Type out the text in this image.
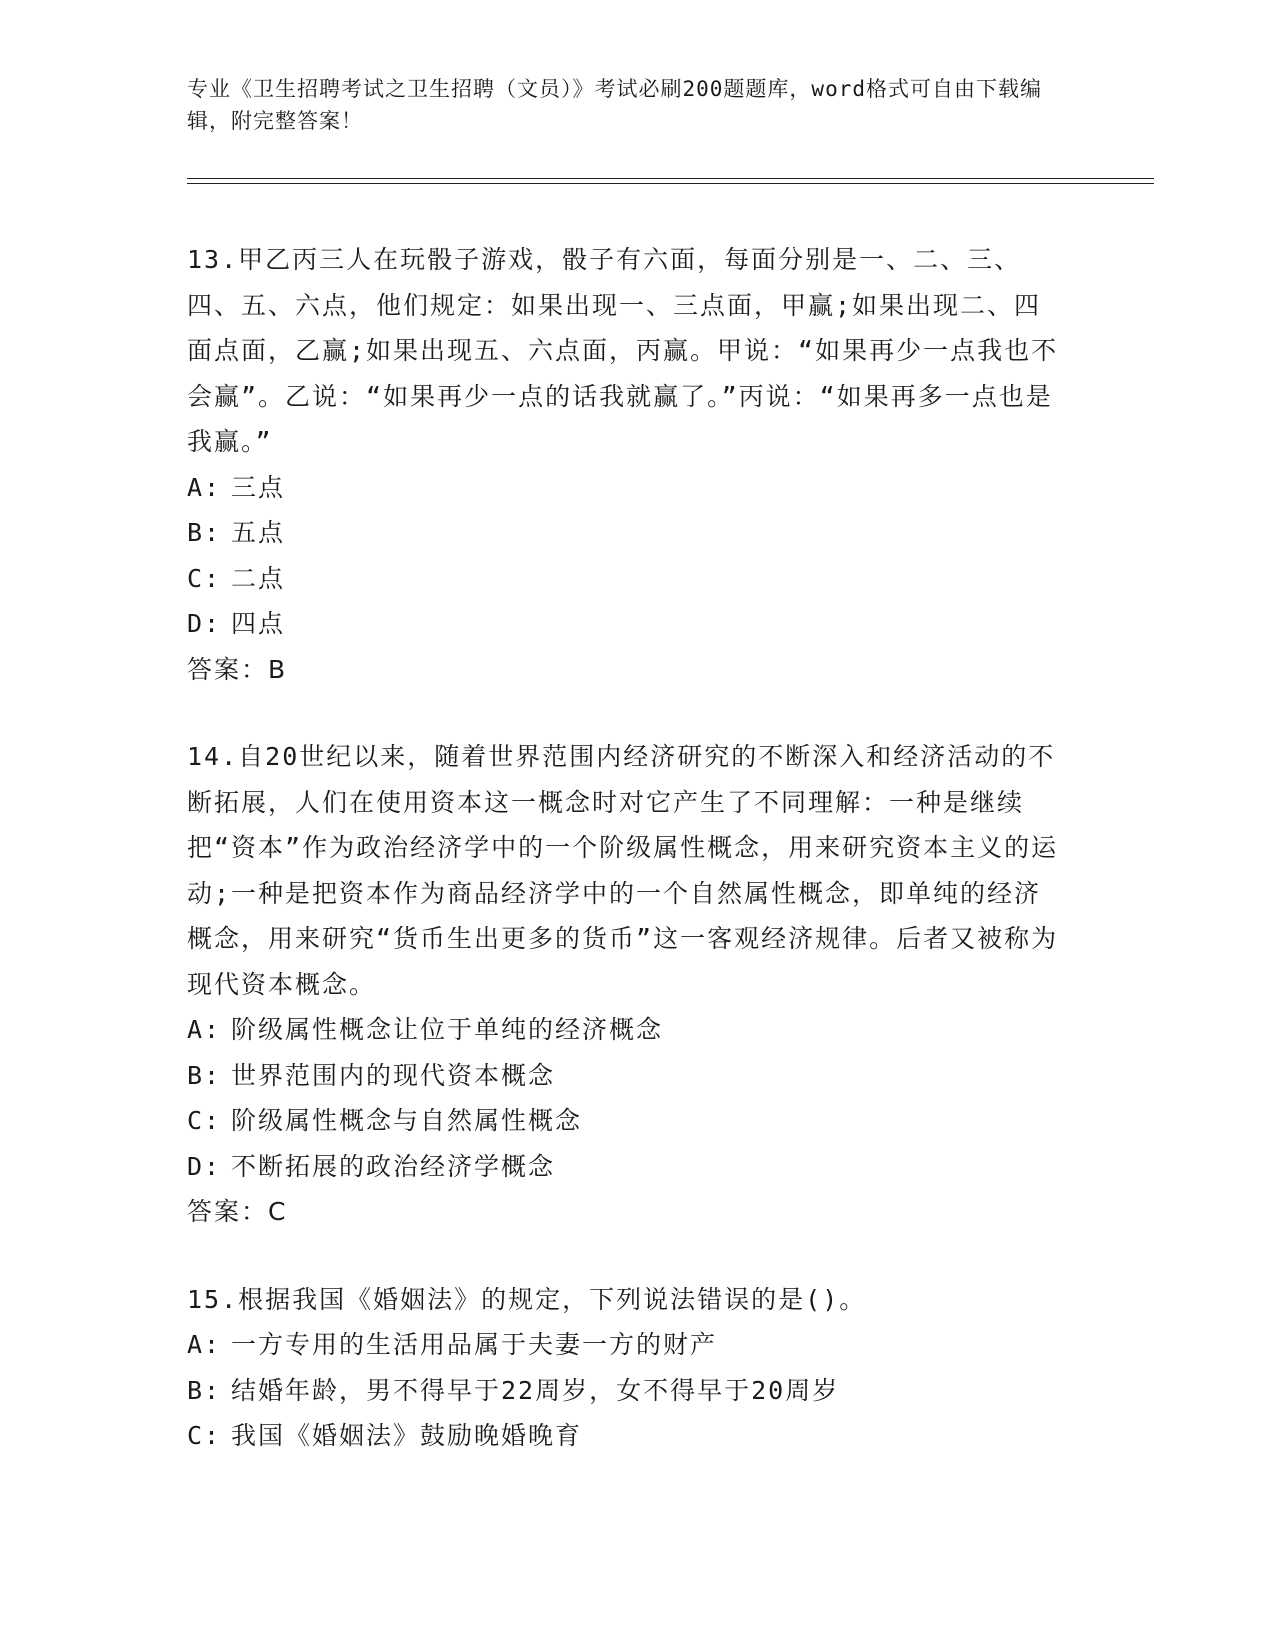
专业《卫生招聘考试之卫生招聘（文员）》考试必刷200题题库，word格式可自由下载编辑，附完整答案！

13.甲乙丙三人在玩骰子游戏，骰子有六面，每面分别是一、二、三、四、五、六点，他们规定：如果出现一、三点面，甲赢;如果出现二、四面点面，乙赢;如果出现五、六点面，丙赢。甲说：“如果再少一点我也不会赢”。乙说：“如果再少一点的话我就赢了。”丙说：“如果再多一点也是我赢。”

A: 三点

B: 五点

C: 二点

D: 四点

答案：B

14.自20世纪以来，随着世界范围内经济研究的不断深入和经济活动的不断拓展，人们在使用资本这一概念时对它产生了不同理解：一种是继续把“资本”作为政治经济学中的一个阶级属性概念，用来研究资本主义的运动;一种是把资本作为商品经济学中的一个自然属性概念，即单纯的经济概念，用来研究“货币生出更多的货币”这一客观经济规律。后者又被称为现代资本概念。

A: 阶级属性概念让位于单纯的经济概念

B: 世界范围内的现代资本概念

C: 阶级属性概念与自然属性概念

D: 不断拓展的政治经济学概念

答案：C

15.根据我国《婚姻法》的规定，下列说法错误的是()。

A: 一方专用的生活用品属于夫妻一方的财产

B: 结婚年龄，男不得早于22周岁，女不得早于20周岁

C: 我国《婚姻法》鼓励晚婚晚育
